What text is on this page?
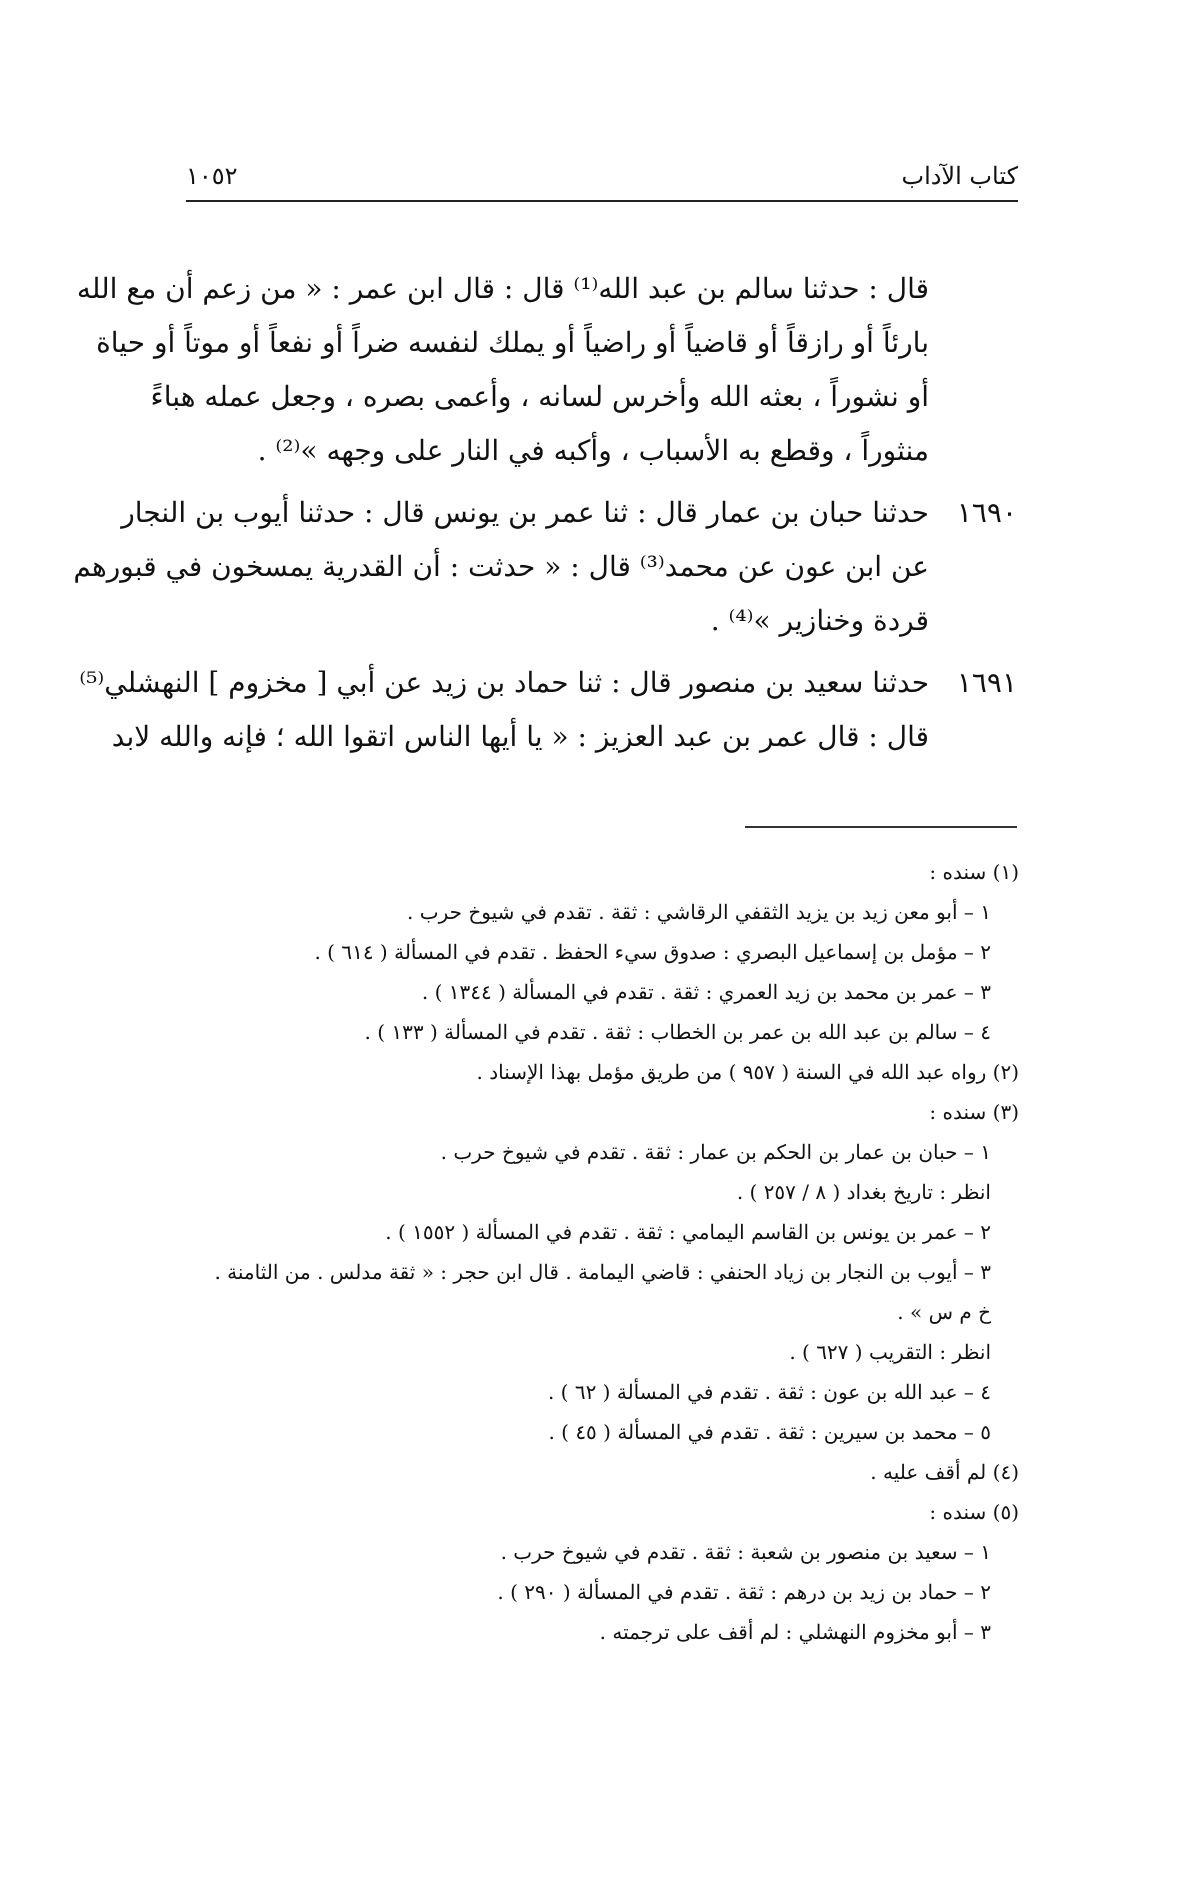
كتاب الآداب
١٠٥٢

قال : حدثنا سالم بن عبد الله⁽¹⁾ قال : قال ابن عمر : « من زعم أن مع الله
بارئاً أو رازقاً أو قاضياً أو راضياً أو يملك لنفسه ضراً أو نفعاً أو موتاً أو حياة
أو نشوراً ، بعثه الله وأخرس لسانه ، وأعمى بصره ، وجعل عمله هباءً
منثوراً ، وقطع به الأسباب ، وأكبه في النار على وجهه »⁽²⁾ .

١٦٩٠
حدثنا حبان بن عمار قال : ثنا عمر بن يونس قال : حدثنا أيوب بن النجار
عن ابن عون عن محمد⁽³⁾ قال : « حدثت : أن القدرية يمسخون في قبورهم
قردة وخنازير »⁽⁴⁾ .

١٦٩١
حدثنا سعيد بن منصور قال : ثنا حماد بن زيد عن أبي [ مخزوم ] النهشلي⁽⁵⁾
قال : قال عمر بن عبد العزيز : « يا أيها الناس اتقوا الله ؛ فإنه والله لابد

(١) سنده :
١ – أبو معن زيد بن يزيد الثقفي الرقاشي : ثقة . تقدم في شيوخ حرب .
٢ – مؤمل بن إسماعيل البصري : صدوق سيء الحفظ . تقدم في المسألة ( ٦١٤ ) .
٣ – عمر بن محمد بن زيد العمري : ثقة . تقدم في المسألة ( ١٣٤٤ ) .
٤ – سالم بن عبد الله بن عمر بن الخطاب : ثقة . تقدم في المسألة ( ١٣٣ ) .
(٢) رواه عبد الله في السنة ( ٩٥٧ ) من طريق مؤمل بهذا الإسناد .
(٣) سنده :
١ – حبان بن عمار بن الحكم بن عمار : ثقة . تقدم في شيوخ حرب .
انظر : تاريخ بغداد ( ٨ / ٢٥٧ ) .
٢ – عمر بن يونس بن القاسم اليمامي : ثقة . تقدم في المسألة ( ١٥٥٢ ) .
٣ – أيوب بن النجار بن زياد الحنفي : قاضي اليمامة . قال ابن حجر : « ثقة مدلس . من الثامنة .
خ م س » .
انظر : التقريب ( ٦٢٧ ) .
٤ – عبد الله بن عون : ثقة . تقدم في المسألة ( ٦٢ ) .
٥ – محمد بن سيرين : ثقة . تقدم في المسألة ( ٤٥ ) .
(٤) لم أقف عليه .
(٥) سنده :
١ – سعيد بن منصور بن شعبة : ثقة . تقدم في شيوخ حرب .
٢ – حماد بن زيد بن درهم : ثقة . تقدم في المسألة ( ٢٩٠ ) .
٣ – أبو مخزوم النهشلي : لم أقف على ترجمته .
